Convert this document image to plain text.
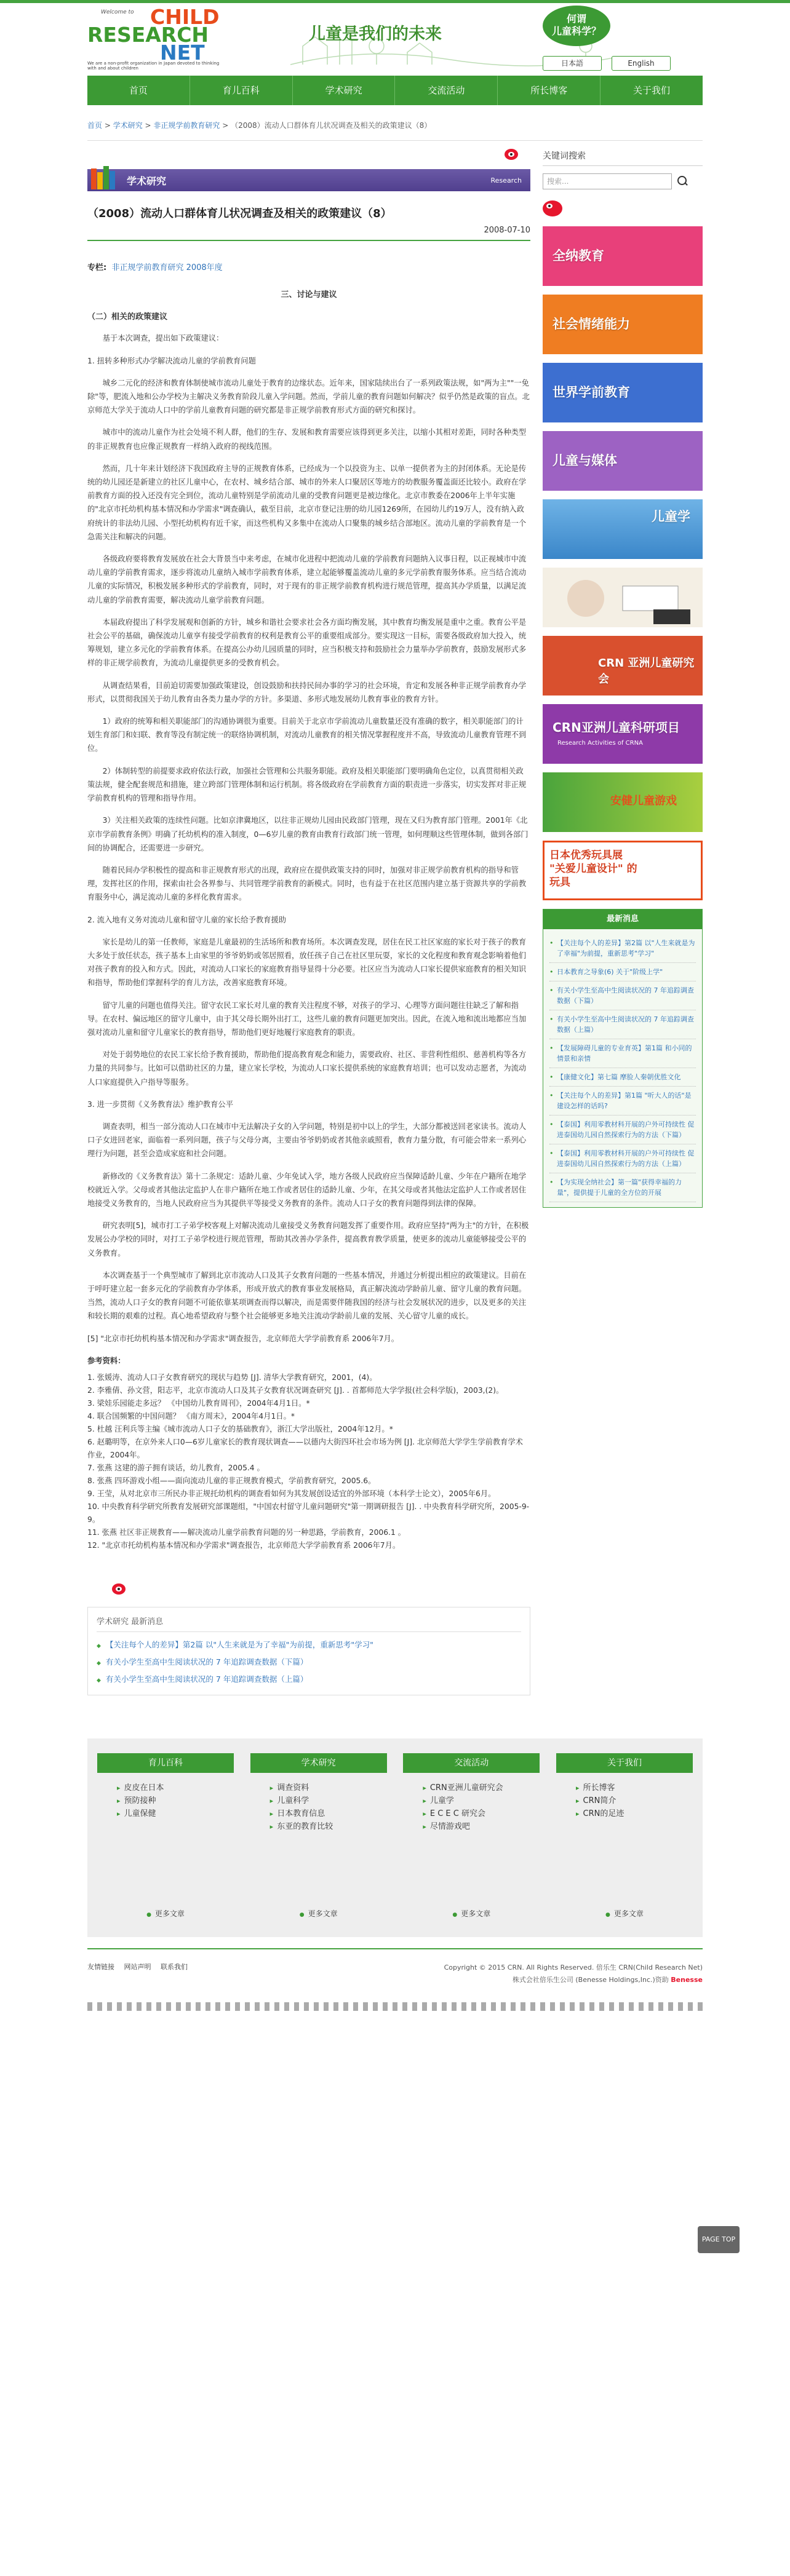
Welcome to CHILD
RESEARCH
NET
We are a non-profit organization in Japan devoted to thinking with and about children
儿童是我们的未来
何谓
儿童科学？
日本語	English
首页	育儿百科	学术研究	交流活动	所长博客	关于我们
首页 > 学术研究 > 非正规学前教育研究 > （2008）流动人口群体育儿状况调查及相关的政策建议（8）
学术研究	Research
（2008）流动人口群体育儿状况调查及相关的政策建议（8）
2008-07-10
专栏: 非正规学前教育研究 2008年度
三、讨论与建议
（二）相关的政策建议

基于本次调查，提出如下政策建议：

1. 扭转多种形式办学解决流动儿童的学前教育问题

城乡二元化的经济和教育体制使城市流动儿童处于教育的边缘状态。近年来，国家陆续出台了一系列政策法规，如"两为主""一免除"等，肥流入地和公办学校为主解决义务教育阶段儿童入学问题。然而，学前儿童的教育问题如何解决？似乎仍然是政策的盲点。北京师范大学关于流动人口中的学前儿童教育问题的研究都是非正规学前教育形式方面的研究和探讨。

城市中的流动儿童作为社会处境不利人群，他们的生存、发展和教育需要应该得到更多关注，以缩小其相对差距，同时各种类型的非正规教育也应像正规教育一样纳入政府的视线范围。

然而，几十年来计划经济下我国政府主导的正规教育体系，已经成为一个以投资为主、以单一提供者为主的封闭体系。无论是传统的幼儿园还是新建立的社区儿童中心，在农村、城乡结合部、城市的外来人口聚居区等地方的幼教服务覆盖面还比较小。政府在学前教育方面的投入还没有完全到位，流动儿童特别是学前流动儿童的受教育问题更是被边缘化。北京市教委在2006年上半年实施的"北京市托幼机构基本情况和办学需求"调查确认，截至目前，北京市登记注册的幼儿园1269所，在园幼儿约19万人，没有纳入政府统计的非法幼儿园、小型托幼机构有近千家，而这些机构又多集中在流动人口聚集的城乡结合部地区。流动儿童的学前教育是一个急需关注和解决的问题。

各级政府要将教育发展放在社会大背景当中来考虑，在城市化进程中把流动儿童的学前教育问题纳入议事日程，以正视城市中流动儿童的学前教育需求，逐步将流动儿童纳入城市学前教育体系，建立起能够覆盖流动儿童的多元学前教育服务体系。应当结合流动儿童的实际情况，积极发展多种形式的学前教育，同时，对于现有的非正规学前教育机构进行规范管理，提高其办学质量，以满足流动儿童的学前教育需要，解决流动儿童学前教育问题。

本届政府提出了科学发展观和创新的方针，城乡和谐社会要求社会各方面均衡发展，其中教育均衡发展是重中之重。教育公平是社会公平的基础，确保流动儿童享有接受学前教育的权利是教育公平的重要组成部分。要实现这一目标，需要各级政府加大投入，统筹规划，建立多元化的学前教育体系。在提高公办幼儿园质量的同时，应当积极支持和鼓励社会力量举办学前教育，鼓励发展形式多样的非正规学前教育，为流动儿童提供更多的受教育机会。

从调查结果看，目前迫切需要加强政策建设，创设鼓励和扶持民间办事的学习的社会环境，肯定和发展各种非正规学前教育办学形式，以贯彻我国关于幼儿教育由各类力量办学的方针。多渠道、多形式地发展幼儿教育事业的教育方针。

1）政府的统筹和相关职能部门的沟通协调很为重要。目前关于北京市学前流动儿童数量还没有准确的数字，相关职能部门的计划生育部门和妇联、教育等没有制定统一的联络协调机制，对流动儿童教育的相关情况掌握程度并不高，导致流动儿童教育管理不到位。

2）体制转型的前提要求政府依法行政，加强社会管理和公共服务职能。政府及相关职能部门要明确角色定位，以真贯彻相关政策法规，健全配套规范和措施，建立跨部门管理体制和运行机制。将各级政府在学前教育方面的职责进一步落实，切实发挥对非正规学前教育机构的管理和指导作用。

3）关注相关政策的连续性问题。比如京津冀地区，以往非正规幼儿园由民政部门管理，现在又归为教育部门管理。2001年《北京市学前教育条例》明确了托幼机构的准入制度，0—6岁儿童的教育由教育行政部门统一管理，如何理顺这些管理体制，做到各部门间的协调配合，还需要进一步研究。

随着民间办学积极性的提高和非正规教育形式的出现，政府应在提供政策支持的同时，加强对非正规学前教育机构的指导和管理，发挥社区的作用，探索由社会各界参与、共同管理学前教育的新模式。同时，也有益于在社区范围内建立基于资源共享的学前教育服务中心，满足流动儿童的多样化教育需求。

2. 流入地有义务对流动儿童和留守儿童的家长给予教育援助

家长是幼儿的第一任教师，家庭是儿童最初的生活场所和教育场所。本次调查发现，居住在民工社区家庭的家长对于孩子的教育大多处于放任状态，孩子基本上由家里的爷爷奶奶或邻居照看，放任孩子自己在社区里玩耍，家长的文化程度和教育观念影响着他们对孩子教育的投入和方式。因此，对流动人口家长的家庭教育指导显得十分必要。社区应当为流动人口家长提供家庭教育的相关知识和指导，帮助他们掌握科学的育儿方法，改善家庭教育环境。

留守儿童的问题也值得关注。留守农民工家长对儿童的教育关注程度不够，对孩子的学习、心理等方面问题往往缺乏了解和指导。在农村、偏远地区的留守儿童中，由于其父母长期外出打工，这些儿童的教育问题更加突出。因此，在流入地和流出地都应当加强对流动儿童和留守儿童家长的教育指导，帮助他们更好地履行家庭教育的职责。

对处于弱势地位的农民工家长给予教育援助，帮助他们提高教育观念和能力，需要政府、社区、非营利性组织、慈善机构等各方力量的共同参与。比如可以借助社区的力量，建立家长学校，为流动人口家长提供系统的家庭教育培训；也可以发动志愿者，为流动人口家庭提供入户指导等服务。

3. 进一步贯彻《义务教育法》维护教育公平

调查表明，相当一部分流动人口在城市中无法解决子女的入学问题，特别是初中以上的学生，大部分都被送回老家读书。流动人口子女进回老家，面临着一系列问题，孩子与父母分离，主要由爷爷奶奶或者其他亲戚照看，教育力量分散，有可能会带来一系列心理行为问题，甚至会造成家庭和社会问题。

新修改的《义务教育法》第十二条规定：适龄儿童、少年免试入学，地方各级人民政府应当保障适龄儿童、少年在户籍所在地学校就近入学。父母或者其他法定监护人在非户籍所在地工作或者居住的适龄儿童、少年，在其父母或者其他法定监护人工作或者居住地接受义务教育的，当地人民政府应当为其提供平等接受义务教育的条件。流动人口子女的教育问题得到法律的保障。

研究表明[5]，城市打工子弟学校客观上对解决流动儿童接受义务教育问题发挥了重要作用。政府应坚持"两为主"的方针，在积极发展公办学校的同时，对打工子弟学校进行规范管理，帮助其改善办学条件，提高教育教学质量，使更多的流动儿童能够接受公平的义务教育。

本次调查基于一个典型城市了解到北京市流动人口及其子女教育问题的一些基本情况，并通过分析提出相应的政策建议。目前在于呼吁建立起一套多元化的学前教育办学体系，形成开放式的教育事业发展格局，真正解决流动学龄前儿童、留守儿童的教育问题。当然，流动人口子女的教育问题不可能依靠某项调查而得以解决，而是需要伴随我国的经济与社会发展状况的进步，以及更多的关注和较长期的艰难的过程。真心地希望政府与整个社会能够更多地关注流动学龄前儿童的发展、关心留守儿童的成长。

[5] "北京市托幼机构基本情况和办学需求"调查报告，北京师范大学学前教育系 2006年7月。

参考资料：

1. 张媛涛、流动人口子女教育研究的现状与趋势 [J]. 清华大学教育研究，2001，(4)。
2. 李雅倩、孙文营，阳志平，北京市流动人口及其子女教育状况调查研究 [J]. . 首都师范大学学报(社会科学版)，2003,(2)。
3. 梁娃乐园能走多远？ 《中国幼儿教育周刊》，2004年4月1日。*
4. 联合国频繁的中国问题？ 《南方周末》，2004年4月1日。*
5. 杜越 汪利兵等主编《城市流动人口子女的基础教育》，浙江大学出版社，2004年12月。*
6. 赵璐明等，在京外来人口0—6岁儿童家长的教育现状调查——以德内大街四环社会市场为例 [J]. 北京师范大学学生学前教育学术作业，2004年。
7. 张燕 这建的游子拥有谈话，幼儿教育，2005.4 。
8. 张燕 四环游戏小组——面向流动儿童的非正规教育模式，学前教育研究，2005.6。
9. 王莹，从对北京市三所民办非正规托幼机构的调查看如何为其发展创设适宜的外部环境（本科学士论文），2005年6月。
10. 中央教育科学研究所教育发展研究部课题组，"中国农村留守儿童问题研究"第一期调研报告 [J]. . 中央教育科学研究所，2005-9-9。
11. 张燕 社区非正规教育——解决流动儿童学前教育问题的另一种思路，学前教育，2006.1 。
12. "北京市托幼机构基本情况和办学需求"调查报告，北京师范大学学前教育系 2006年7月。
学术研究 最新消息
◆ 【关注每个人的差异】第2篇 以"人生来就是为了幸福"为前提，重新思考"学习"
◆ 有关小学生至高中生阅读状况的 7 年追踪调查数据（下篇）
◆ 有关小学生至高中生阅读状况的 7 年追踪调查数据（上篇）
关键词搜索
搜索...
全纳教育
社会情绪能力
世界学前教育
儿童与媒体
儿童学
CRN 亚洲儿童研究会
CRN亚洲儿童科研项目
Research Activities of CRNA
安健儿童游戏
日本优秀玩具展 "关爱儿童设计" 的玩具
最新消息
• 【关注每个人的差异】第2篇 以"人生来就是为了幸福"为前提，重新思考"学习"
• 日本教育之导象(6) 关于"阶级上学"
• 有关小学生至高中生阅读状况的 7 年追踪调查数据（下篇）
• 有关小学生至高中生阅读状况的 7 年追踪调查数据（上篇）
• 【发展障碍儿童的专业育英】第1篇 和小同的情景和亲情
• 【康健文化】第七篇 摩脸人秦朝优胜文化
• 【关注每个人的差异】第1篇 "听大人的话"是建设怎样的话吗?
• 【泰国】利用零教材科开展的户外可持续性 促进泰国幼儿园自然探索行为的方法（下篇）
• 【泰国】利用零教材科开展的户外可持续性 促进泰国幼儿园自然探索行为的方法（上篇）
• 【为实现全纳社会】第一篇"获得幸福的力量"，提供提于儿童的全方位的开展
PAGE TOP
育儿百科
▸ 皮皮在日本
▸ 预防接种
▸ 儿童保健
● 更多文章
学术研究
▸ 调查资料
▸ 儿童科学
▸ 日本教育信息
▸ 东亚的教育比较
● 更多文章
交流活动
▸ CRN亚洲儿童研究会
▸ 儿童学
▸ E C E C 研究会
▸ 尽情游戏吧
● 更多文章
关于我们
▸ 所长博客
▸ CRN简介
▸ CRN的足迹
● 更多文章
友情链接 网站声明 联系我们	Copyright © 2015 CRN. All Rights Reserved. 倍乐生 CRN(Child Research Net)
株式会社倍乐生公司 (Benesse Holdings,Inc.)资助 Benesse
